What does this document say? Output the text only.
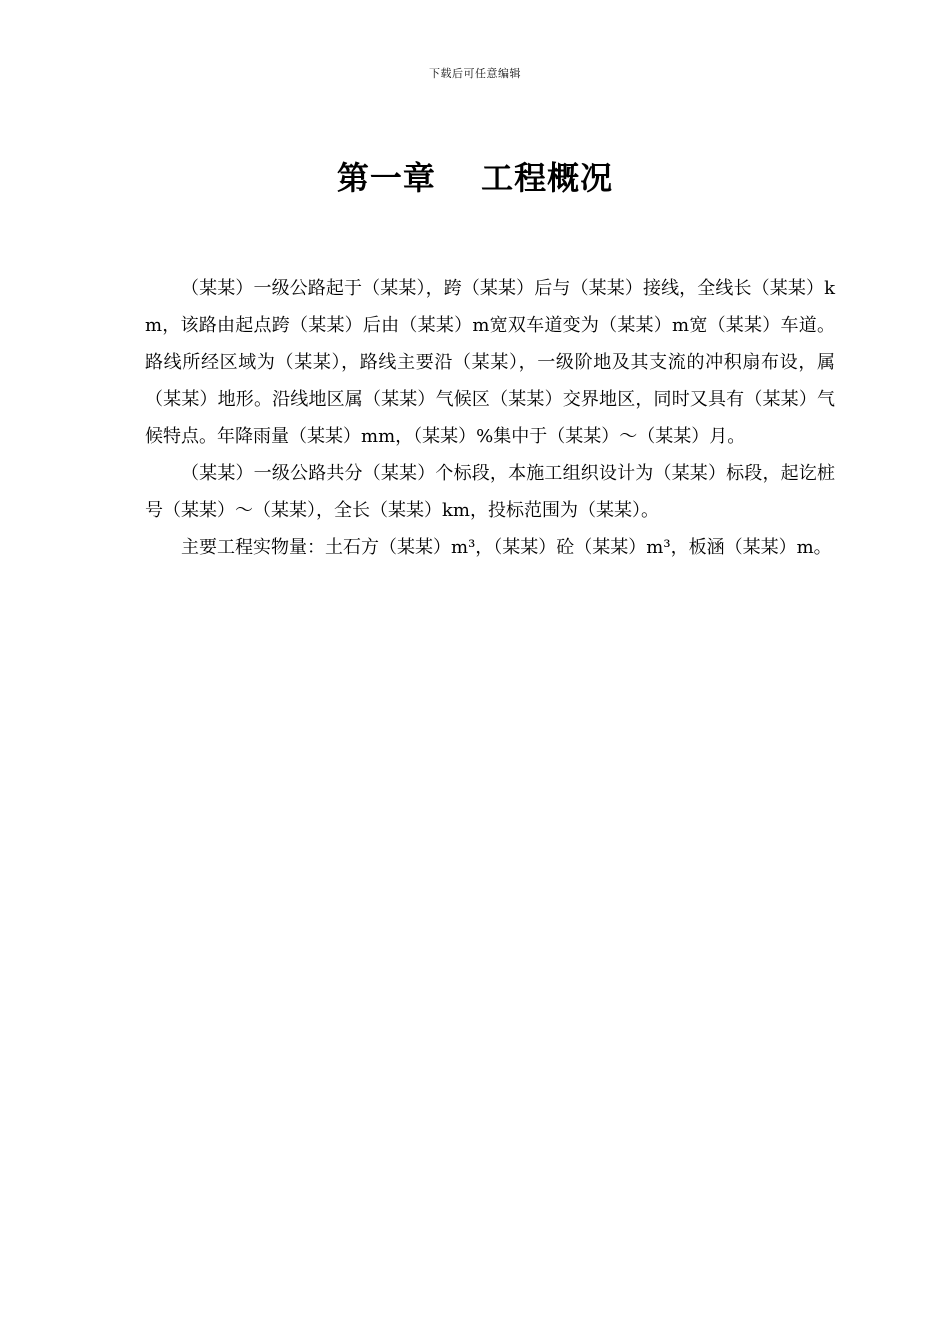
下载后可任意编辑
第一章　 工程概况

（某某）一级公路起于（某某），跨（某某）后与（某某）接线，全线长（某某）km，该路由起点跨（某某）后由（某某）m宽双车道变为（某某）m宽（某某）车道。路线所经区域为（某某），路线主要沿（某某），一级阶地及其支流的冲积扇布设，属（某某）地形。沿线地区属（某某）气候区（某某）交界地区，同时又具有（某某）气候特点。年降雨量（某某）mm，（某某）%集中于（某某）～（某某）月。

（某某）一级公路共分（某某）个标段，本施工组织设计为（某某）标段，起讫桩号（某某）～（某某），全长（某某）km，投标范围为（某某）。

主要工程实物量：土石方（某某）m³，（某某）砼（某某）m³，板涵（某某）m。
